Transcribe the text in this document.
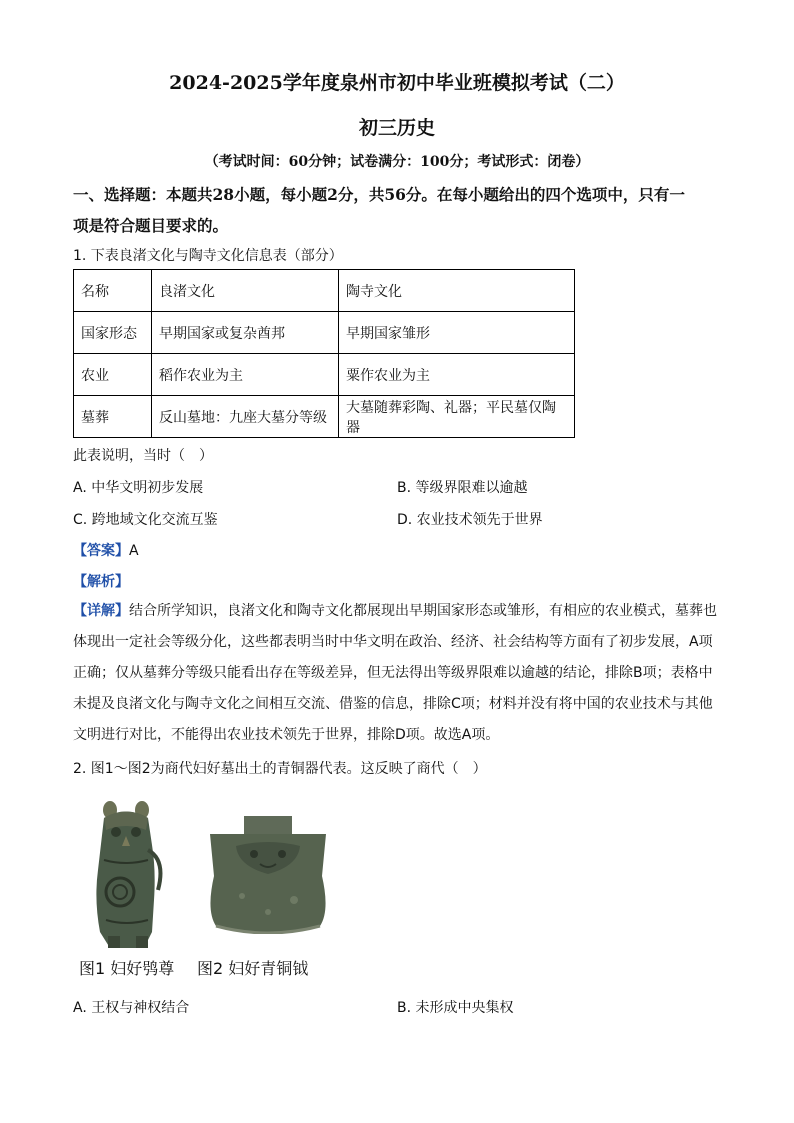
2024-2025学年度泉州市初中毕业班模拟考试（二）
初三历史
（考试时间：60分钟；试卷满分：100分；考试形式：闭卷）
一、选择题：本题共28小题，每小题2分，共56分。在每小题给出的四个选项中，只有一
项是符合题目要求的。
1. 下表良渚文化与陶寺文化信息表（部分）
名称	良渚文化	陶寺文化
国家形态	早期国家或复杂酋邦	早期国家雏形
农业	稻作农业为主	粟作农业为主
墓葬	反山墓地：九座大墓分等级	大墓随葬彩陶、礼器；平民墓仅陶器
此表说明，当时（　）
A. 中华文明初步发展	B. 等级界限难以逾越
C. 跨地域文化交流互鉴	D. 农业技术领先于世界
【答案】A
【解析】
【详解】结合所学知识，良渚文化和陶寺文化都展现出早期国家形态或雏形，有相应的农业模式，墓葬也体现出一定社会等级分化，这些都表明当时中华文明在政治、经济、社会结构等方面有了初步发展，A项正确；仅从墓葬分等级只能看出存在等级差异，但无法得出等级界限难以逾越的结论，排除B项；表格中未提及良渚文化与陶寺文化之间相互交流、借鉴的信息，排除C项；材料并没有将中国的农业技术与其他文明进行对比，不能得出农业技术领先于世界，排除D项。故选A项。
2. 图1～图2为商代妇好墓出土的青铜器代表。这反映了商代（　）
图1 妇好鸮尊 图2 妇好青铜钺
A. 王权与神权结合	B. 未形成中央集权
